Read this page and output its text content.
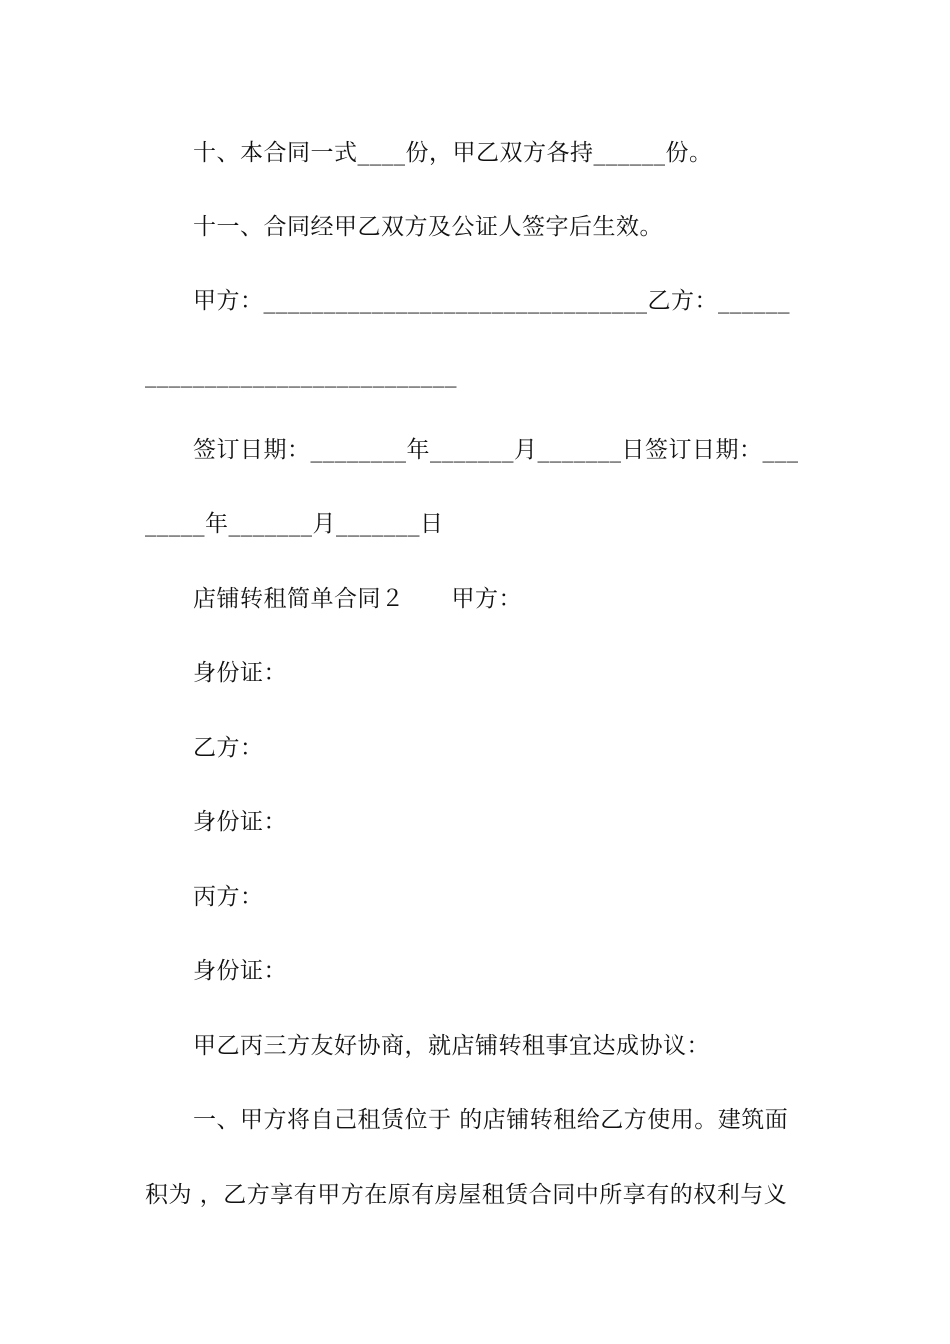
十、本合同一式____份，甲乙双方各持______份。
十一、合同经甲乙双方及公证人签字后生效。
甲方：________________________________乙方：______
__________________________
签订日期：________年_______月_______日签订日期：___
_____年_______月_______日
店铺转租简单合同２　　甲方：
身份证：
乙方：
身份证：
丙方：
身份证：
甲乙丙三方友好协商，就店铺转租事宜达成协议：
一、甲方将自己租赁位于 的店铺转租给乙方使用。建筑面
积为 ，乙方享有甲方在原有房屋租赁合同中所享有的权利与义
